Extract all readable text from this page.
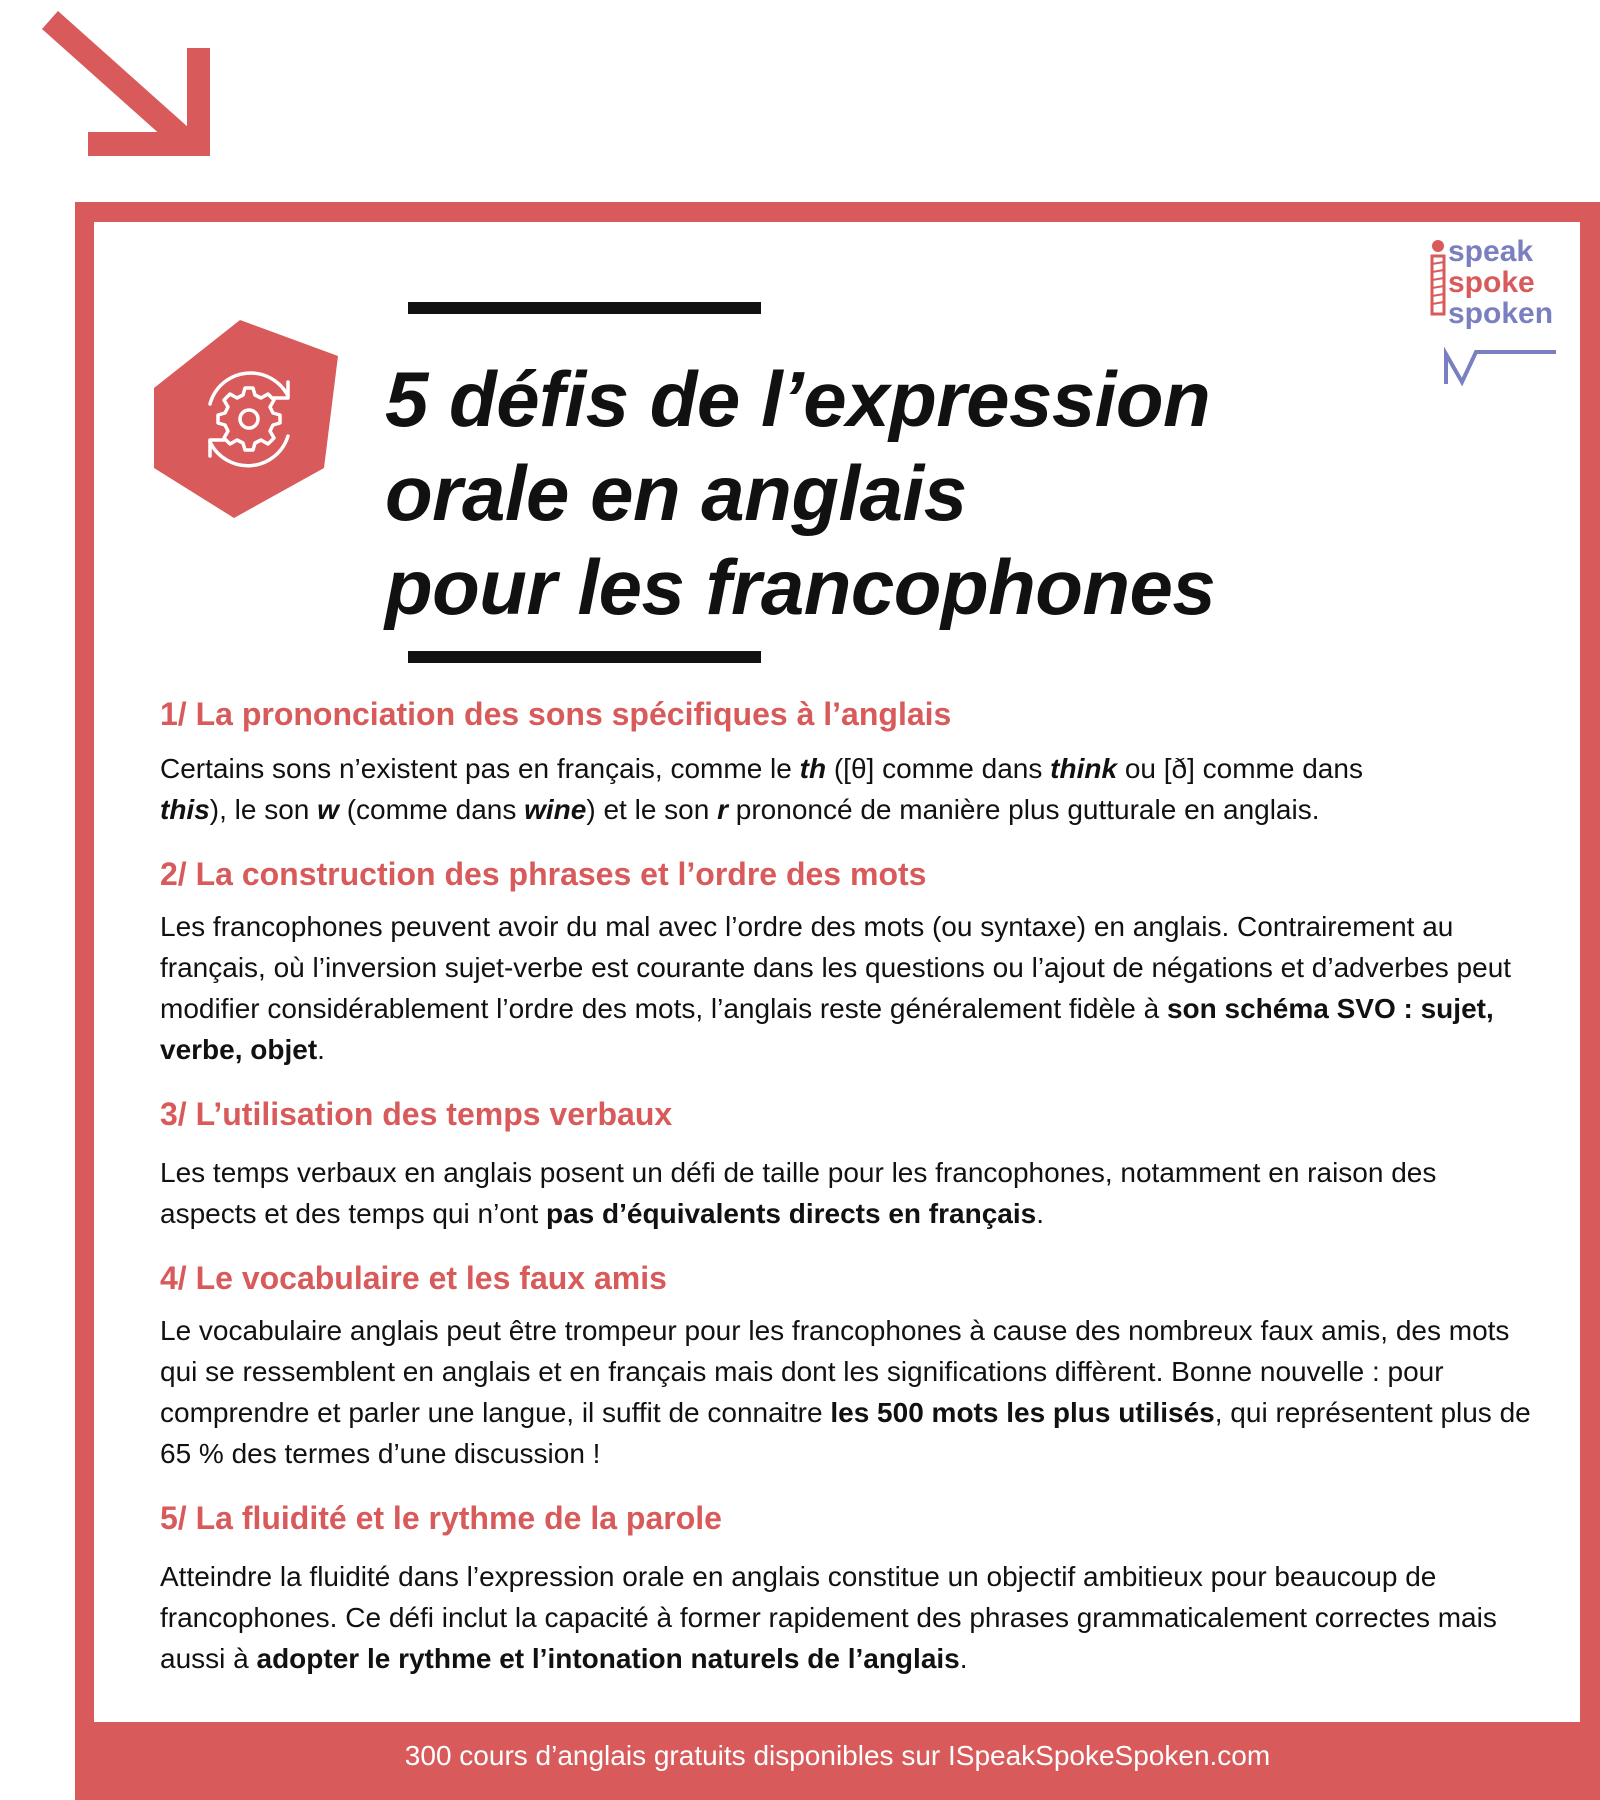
speak
spoke
spoken
5 défis de l’expression
orale en anglais
pour les francophones
1/ La prononciation des sons spécifiques à l’anglais

Certains sons n’existent pas en français, comme le th ([θ] comme dans think ou [ð] comme dans
this), le son w (comme dans wine) et le son r prononcé de manière plus gutturale en anglais.

2/ La construction des phrases et l’ordre des mots

Les francophones peuvent avoir du mal avec l’ordre des mots (ou syntaxe) en anglais. Contrairement au français, où l’inversion sujet-verbe est courante dans les questions ou l’ajout de négations et d’adverbes peut modifier considérablement l’ordre des mots, l’anglais reste généralement fidèle à son schéma SVO : sujet, verbe, objet.

3/ L’utilisation des temps verbaux

Les temps verbaux en anglais posent un défi de taille pour les francophones, notamment en raison des aspects et des temps qui n’ont pas d’équivalents directs en français.

4/ Le vocabulaire et les faux amis

Le vocabulaire anglais peut être trompeur pour les francophones à cause des nombreux faux amis, des mots qui se ressemblent en anglais et en français mais dont les significations diffèrent. Bonne nouvelle : pour comprendre et parler une langue, il suffit de connaitre les 500 mots les plus utilisés, qui représentent plus de 65 % des termes d’une discussion !

5/ La fluidité et le rythme de la parole

Atteindre la fluidité dans l’expression orale en anglais constitue un objectif ambitieux pour beaucoup de francophones. Ce défi inclut la capacité à former rapidement des phrases grammaticalement correctes mais aussi à adopter le rythme et l’intonation naturels de l’anglais.

300 cours d’anglais gratuits disponibles sur ISpeakSpokeSpoken.com
